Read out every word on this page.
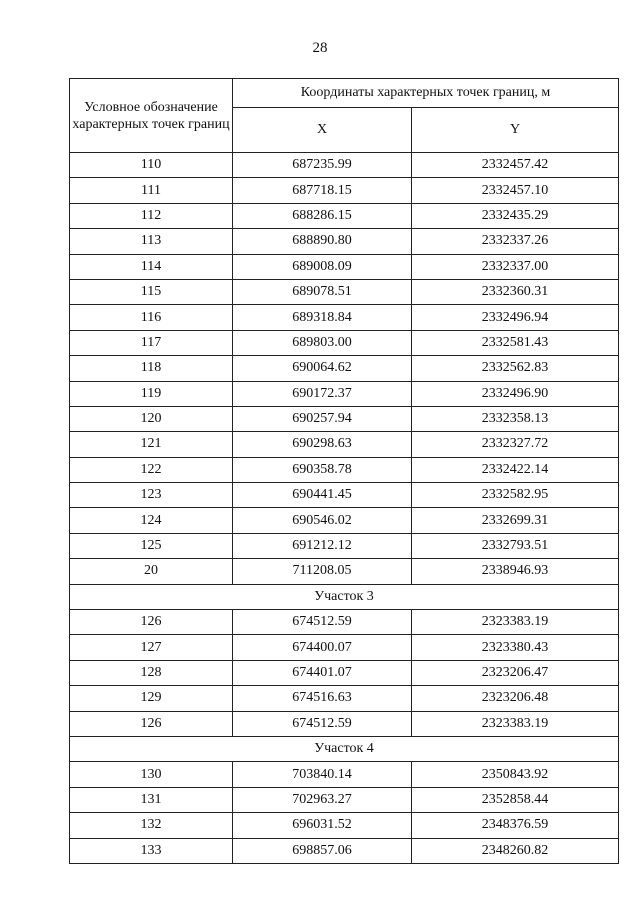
28
Условное обозначение характерных точек границ	Координаты характерных точек границ, м	
	X	Y
110	687235.99	2332457.42
111	687718.15	2332457.10
112	688286.15	2332435.29
113	688890.80	2332337.26
114	689008.09	2332337.00
115	689078.51	2332360.31
116	689318.84	2332496.94
117	689803.00	2332581.43
118	690064.62	2332562.83
119	690172.37	2332496.90
120	690257.94	2332358.13
121	690298.63	2332327.72
122	690358.78	2332422.14
123	690441.45	2332582.95
124	690546.02	2332699.31
125	691212.12	2332793.51
20	711208.05	2338946.93
Участок 3		
126	674512.59	2323383.19
127	674400.07	2323380.43
128	674401.07	2323206.47
129	674516.63	2323206.48
126	674512.59	2323383.19
Участок 4		
130	703840.14	2350843.92
131	702963.27	2352858.44
132	696031.52	2348376.59
133	698857.06	2348260.82
